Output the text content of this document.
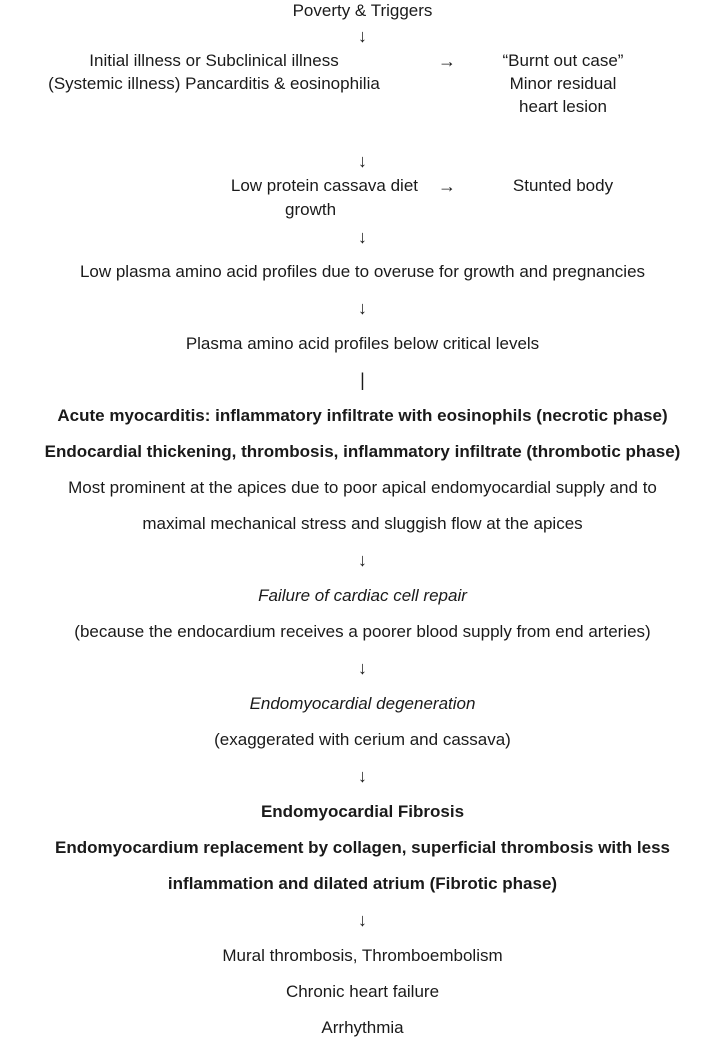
Poverty & Triggers
↓
Initial illness or Subclinical illness
(Systemic illness) Pancarditis & eosinophilia
→	“Burnt out case”
Minor residual
heart lesion
↓
Low protein cassava diet
growth
→	Stunted body
↓
Low plasma amino acid profiles due to overuse for growth and pregnancies
↓
Plasma amino acid profiles below critical levels
|
Acute myocarditis: inflammatory infiltrate with eosinophils (necrotic phase)
Endocardial thickening, thrombosis, inflammatory infiltrate (thrombotic phase)
Most prominent at the apices due to poor apical endomyocardial supply and to
maximal mechanical stress and sluggish flow at the apices
↓
Failure of cardiac cell repair
(because the endocardium receives a poorer blood supply from end arteries)
↓
Endomyocardial degeneration
(exaggerated with cerium and cassava)
↓
Endomyocardial Fibrosis
Endomyocardium replacement by collagen, superficial thrombosis with less
inflammation and dilated atrium (Fibrotic phase)
↓
Mural thrombosis, Thromboembolism
Chronic heart failure
Arrhythmia
